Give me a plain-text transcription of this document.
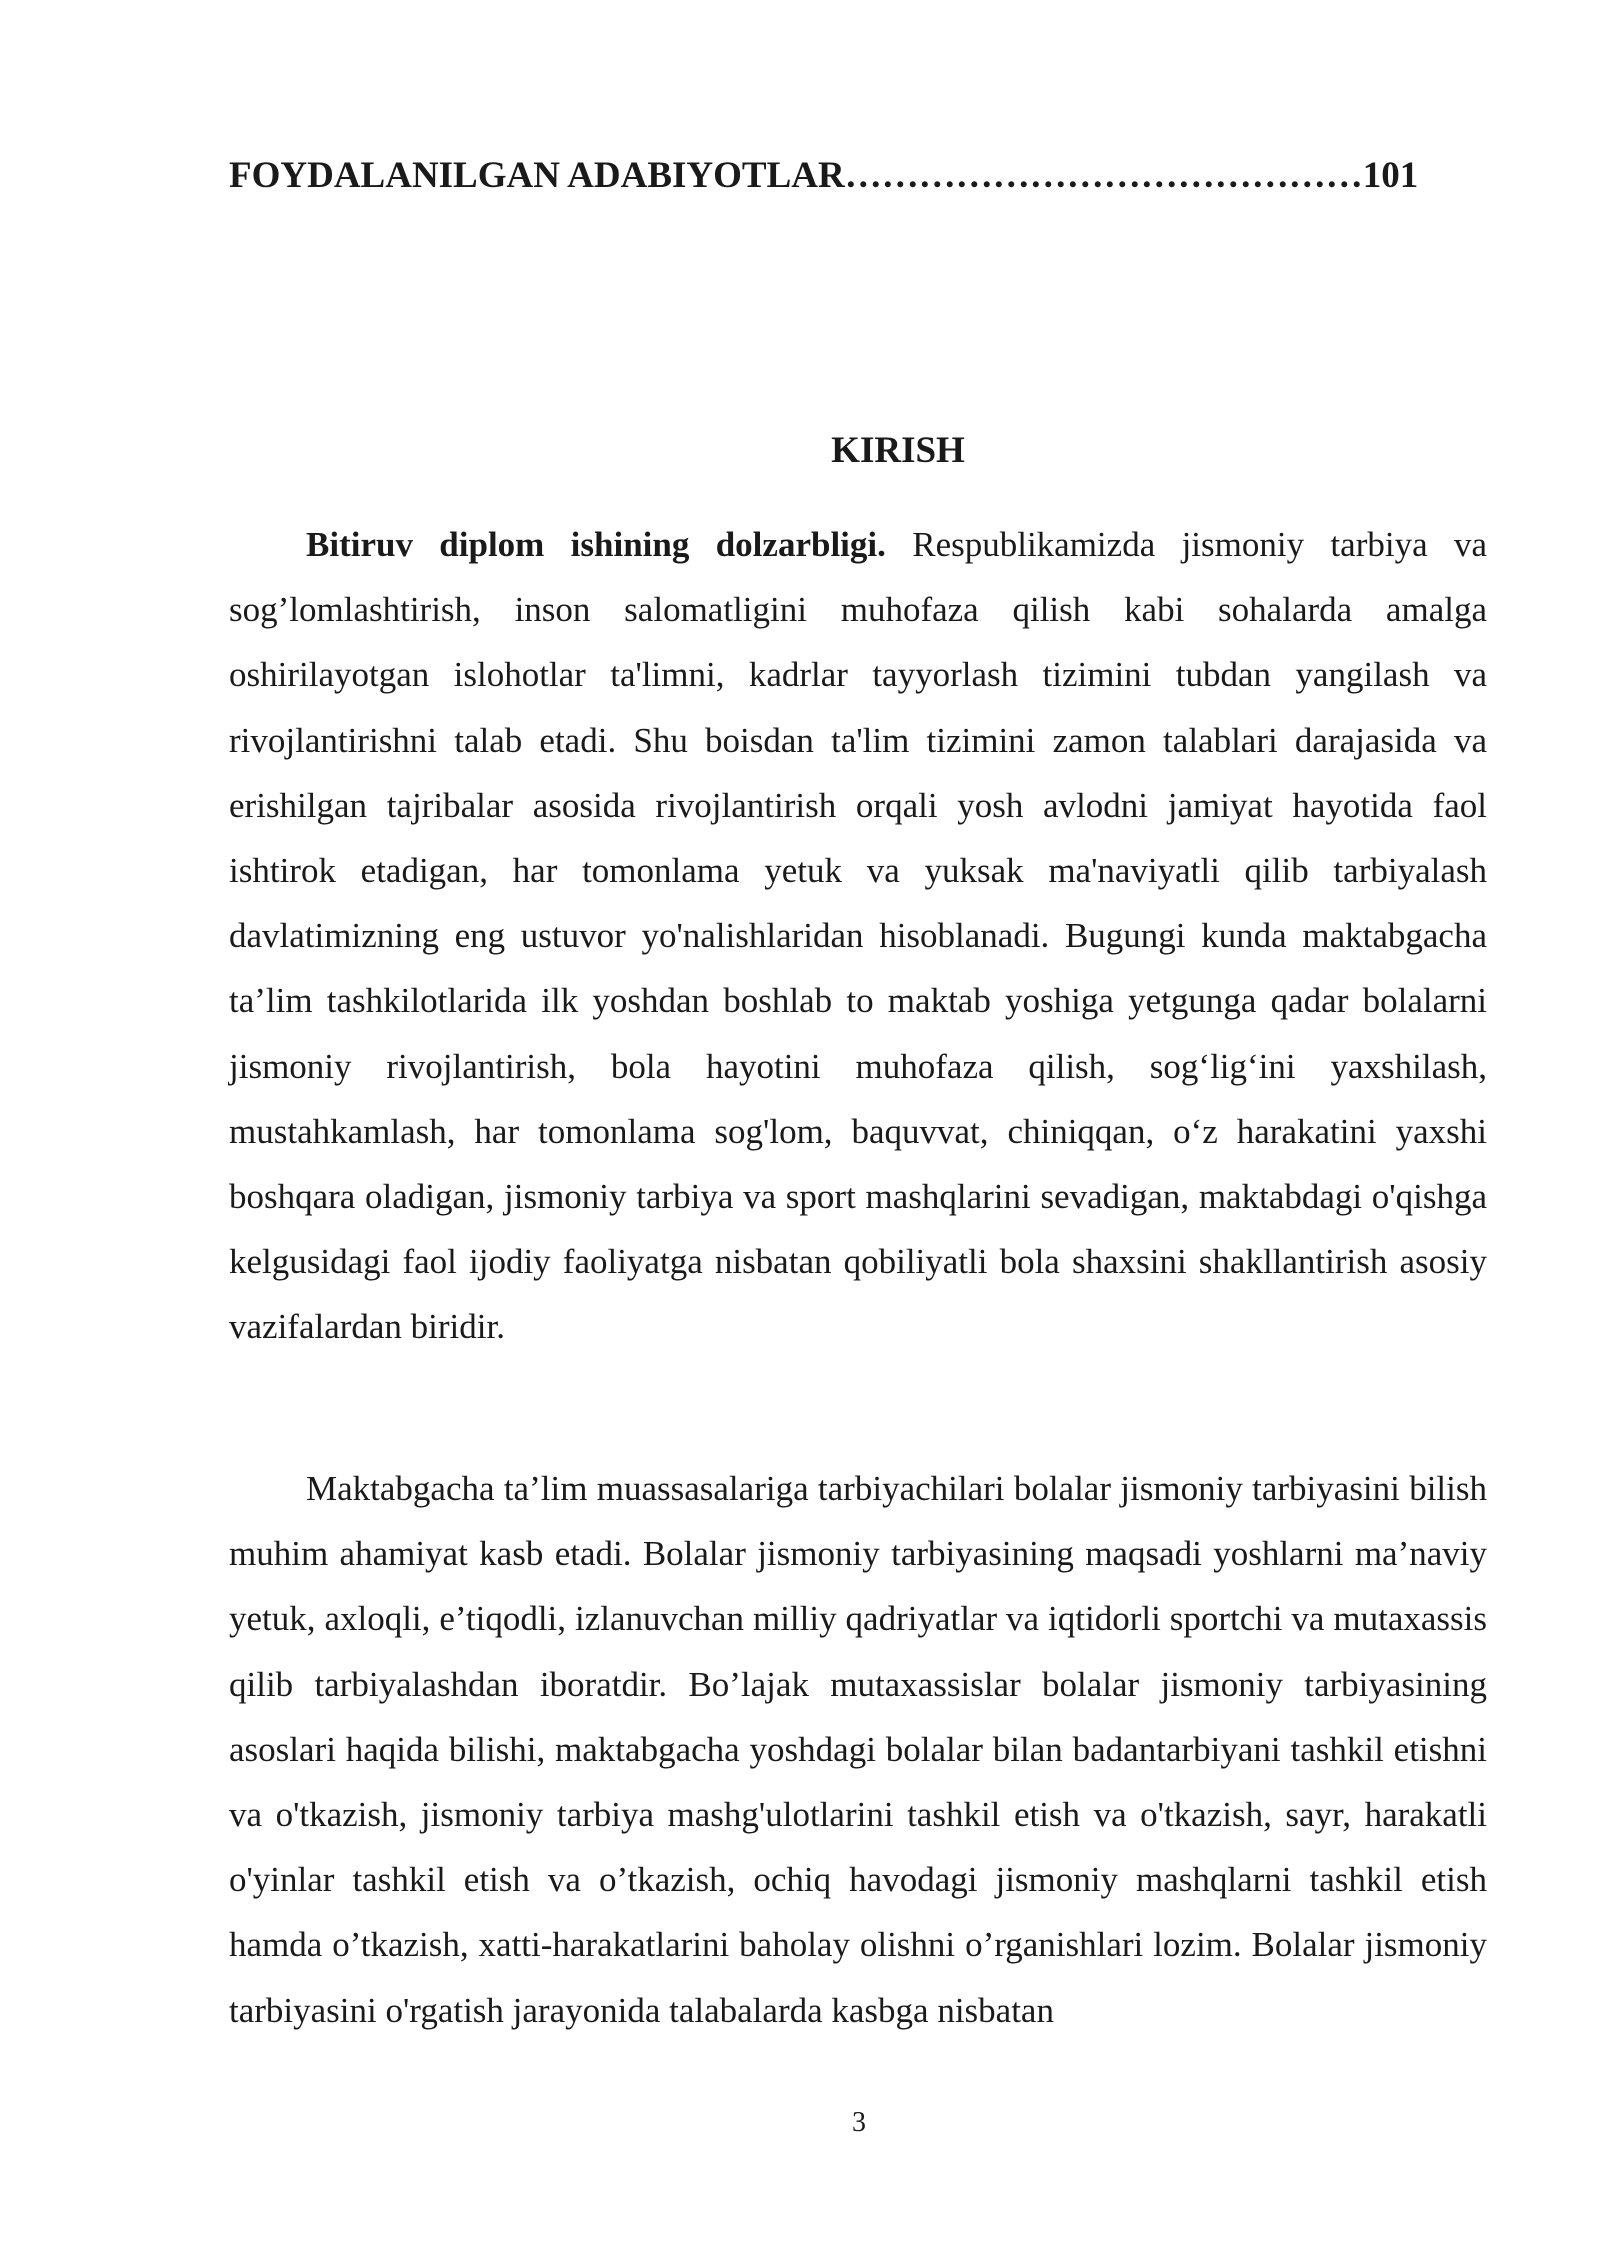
FOYDALANILGAN ADABIYOTLAR……………………………………101
KIRISH

Bitiruv diplom ishining dolzarbligi. Respublikamizda jismoniy tarbiya va sog’lomlashtirish, inson salomatligini muhofaza qilish kabi sohalarda amalga oshirilayotgan islohotlar ta'limni, kadrlar tayyorlash tizimini tubdan yangilash va rivojlantirishni talab etadi. Shu boisdan ta'lim tizimini zamon talablari darajasida va erishilgan tajribalar asosida rivojlantirish orqali yosh avlodni jamiyat hayotida faol ishtirok etadigan, har tomonlama yetuk va yuksak ma'naviyatli qilib tarbiyalash davlatimizning eng ustuvor yo'nalishlaridan hisoblanadi. Bugungi kunda maktabgacha ta’lim tashkilotlarida ilk yoshdan boshlab to maktab yoshiga yetgunga qadar bolalarni jismoniy rivojlantirish, bola hayotini muhofaza qilish, sog‘lig‘ini yaxshilash, mustahkamlash, har tomonlama sog'lom, baquvvat, chiniqqan, o‘z harakatini yaxshi boshqara oladigan, jismoniy tarbiya va sport mashqlarini sevadigan, maktabdagi o'qishga kelgusidagi faol ijodiy faoliyatga nisbatan qobiliyatli bola shaxsini shakllantirish asosiy vazifalardan biridir.

Maktabgacha ta’lim muassasalariga tarbiyachilari bolalar jismoniy tarbiyasini bilish muhim ahamiyat kasb etadi. Bolalar jismoniy tarbiyasining maqsadi yoshlarni ma’naviy yetuk, axloqli, e’tiqodli, izlanuvchan milliy qadriyatlar va iqtidorli sportchi va mutaxassis qilib tarbiyalashdan iboratdir. Bo’lajak mutaxassislar bolalar jismoniy tarbiyasining asoslari haqida bilishi, maktabgacha yoshdagi bolalar bilan badantarbiyani tashkil etishni va o'tkazish, jismoniy tarbiya mashg'ulotlarini tashkil etish va o'tkazish, sayr, harakatli o'yinlar tashkil etish va o’tkazish, ochiq havodagi jismoniy mashqlarni tashkil etish hamda o’tkazish, xatti-harakatlarini baholay olishni o’rganishlari lozim. Bolalar jismoniy tarbiyasini o'rgatish jarayonida talabalarda kasbga nisbatan

3
